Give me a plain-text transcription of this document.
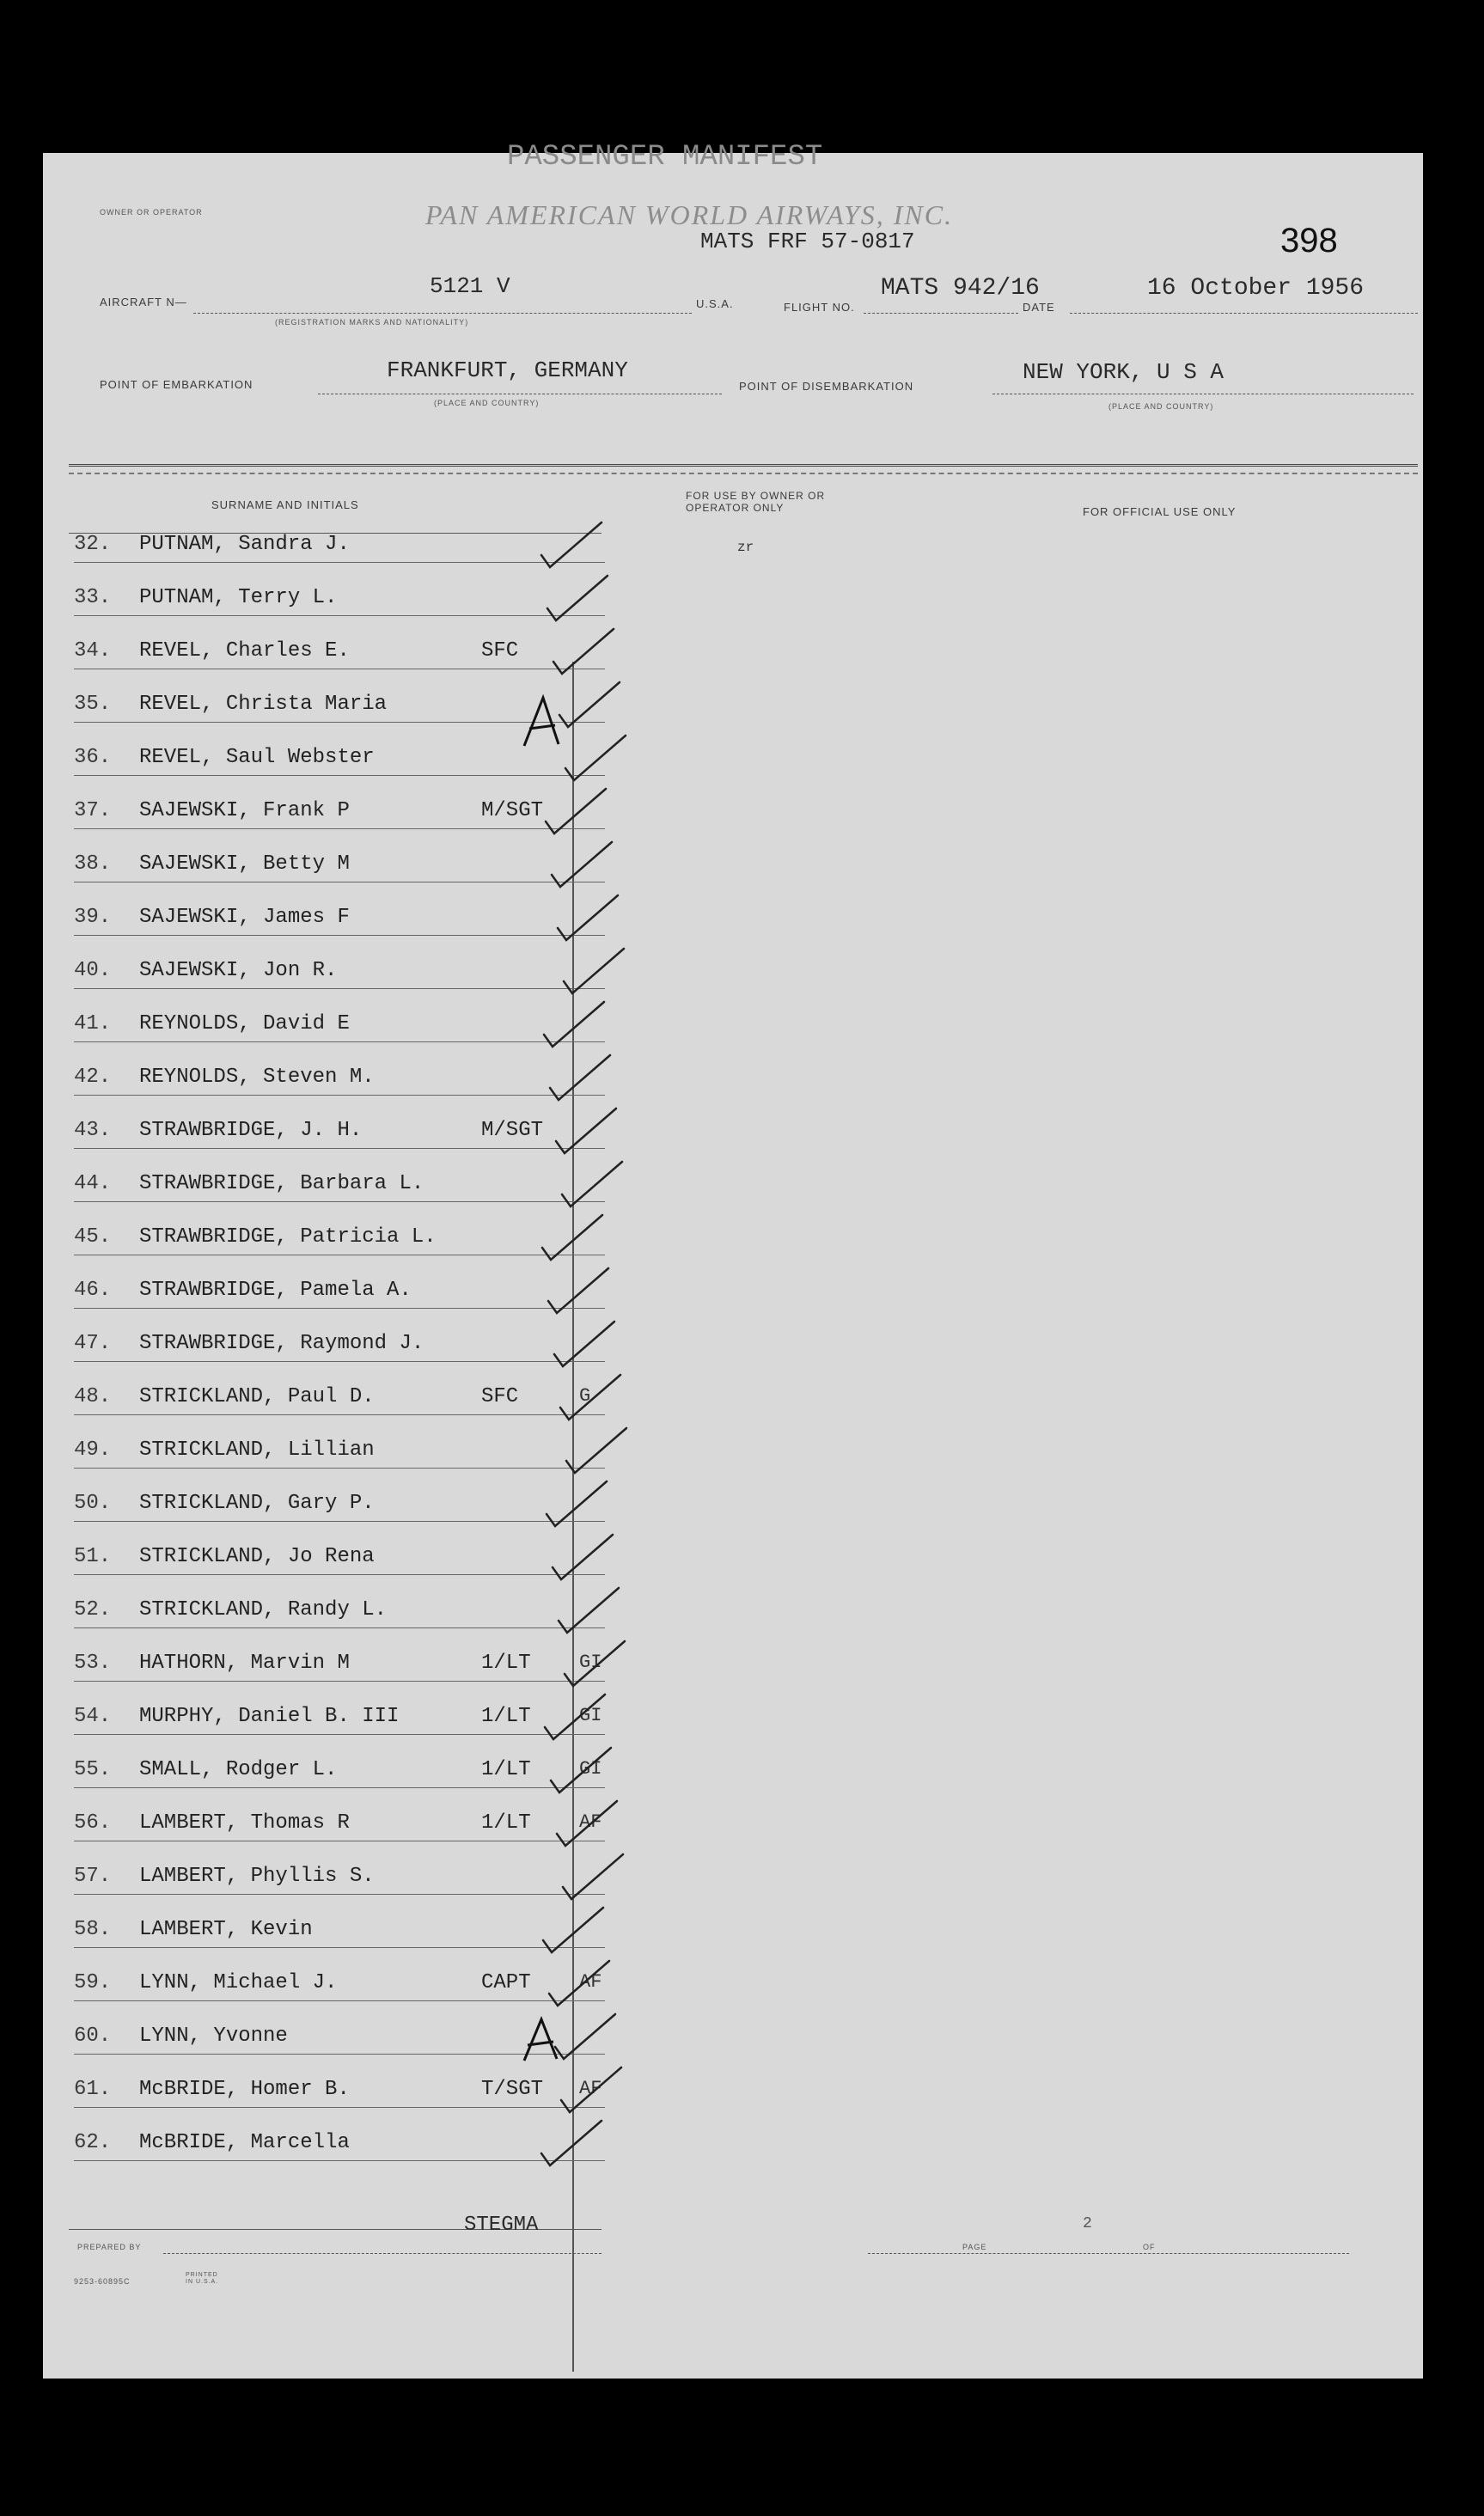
PASSENGER MANIFEST
OWNER OR OPERATOR	PAN AMERICAN WORLD AIRWAYS, INC.
MATS FRF 57-0817	398
AIRCRAFT N—
5121 V
(REGISTRATION MARKS AND NATIONALITY)
U.S.A.	FLIGHT NO.
MATS 942/16
DATE
16 October 1956
POINT OF EMBARKATION
FRANKFURT, GERMANY
(PLACE AND COUNTRY)
POINT OF DISEMBARKATION
NEW YORK, U S A
(PLACE AND COUNTRY)
SURNAME AND INITIALS
FOR USE BY OWNER OR OPERATOR ONLY	FOR OFFICIAL USE ONLY
zr
32. PUTNAM, Sandra J.
33. PUTNAM, Terry L.
34. REVEL, Charles E.	SFC
35. REVEL, Christa Maria
36. REVEL, Saul Webster
37. SAJEWSKI, Frank P	M/SGT
38. SAJEWSKI, Betty M
39. SAJEWSKI, James F
40. SAJEWSKI, Jon R.
41. REYNOLDS, David E
42. REYNOLDS, Steven M.
43. STRAWBRIDGE, J. H.	M/SGT
44. STRAWBRIDGE, Barbara L.
45. STRAWBRIDGE, Patricia L.
46. STRAWBRIDGE, Pamela A.
47. STRAWBRIDGE, Raymond J.
48. STRICKLAND, Paul D.	SFC	G
49. STRICKLAND, Lillian
50. STRICKLAND, Gary P.
51. STRICKLAND, Jo Rena
52. STRICKLAND, Randy L.
53. HATHORN, Marvin M	1/LT	GI
54. MURPHY, Daniel B. III	1/LT	GI
55. SMALL, Rodger L.	1/LT	GI
56. LAMBERT, Thomas R	1/LT	AF
57. LAMBERT, Phyllis S.
58. LAMBERT, Kevin
59. LYNN, Michael J.	CAPT	AF
60. LYNN, Yvonne
61. McBRIDE, Homer B.	T/SGT AF
62. McBRIDE, Marcella
STEGMA
PREPARED BY
9253-60895C
PRINTED IN U.S.A.
PAGE
2
OF
